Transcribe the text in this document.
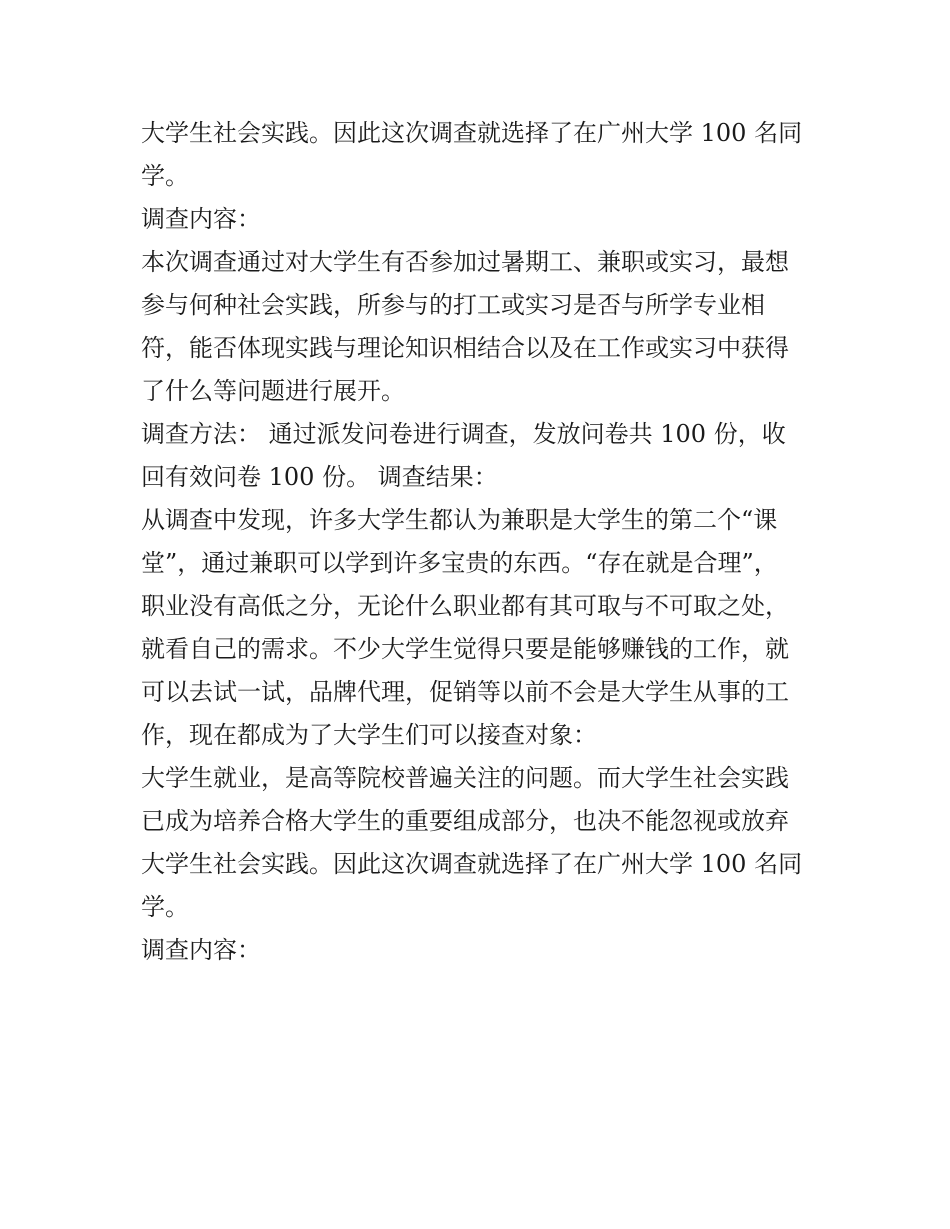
大学生社会实践。因此这次调查就选择了在广州大学 100 名同
学。
调查内容：
本次调查通过对大学生有否参加过暑期工、兼职或实习，最想
参与何种社会实践，所参与的打工或实习是否与所学专业相
符，能否体现实践与理论知识相结合以及在工作或实习中获得
了什么等问题进行展开。
调查方法： 通过派发问卷进行调查，发放问卷共 100 份，收
回有效问卷 100 份。 调查结果：
从调查中发现，许多大学生都认为兼职是大学生的第二个“课
堂”，通过兼职可以学到许多宝贵的东西。“存在就是合理”，
职业没有高低之分，无论什么职业都有其可取与不可取之处，
就看自己的需求。不少大学生觉得只要是能够赚钱的工作，就
可以去试一试，品牌代理，促销等以前不会是大学生从事的工
作，现在都成为了大学生们可以接查对象：
大学生就业，是高等院校普遍关注的问题。而大学生社会实践
已成为培养合格大学生的重要组成部分，也决不能忽视或放弃
大学生社会实践。因此这次调查就选择了在广州大学 100 名同
学。
调查内容：
